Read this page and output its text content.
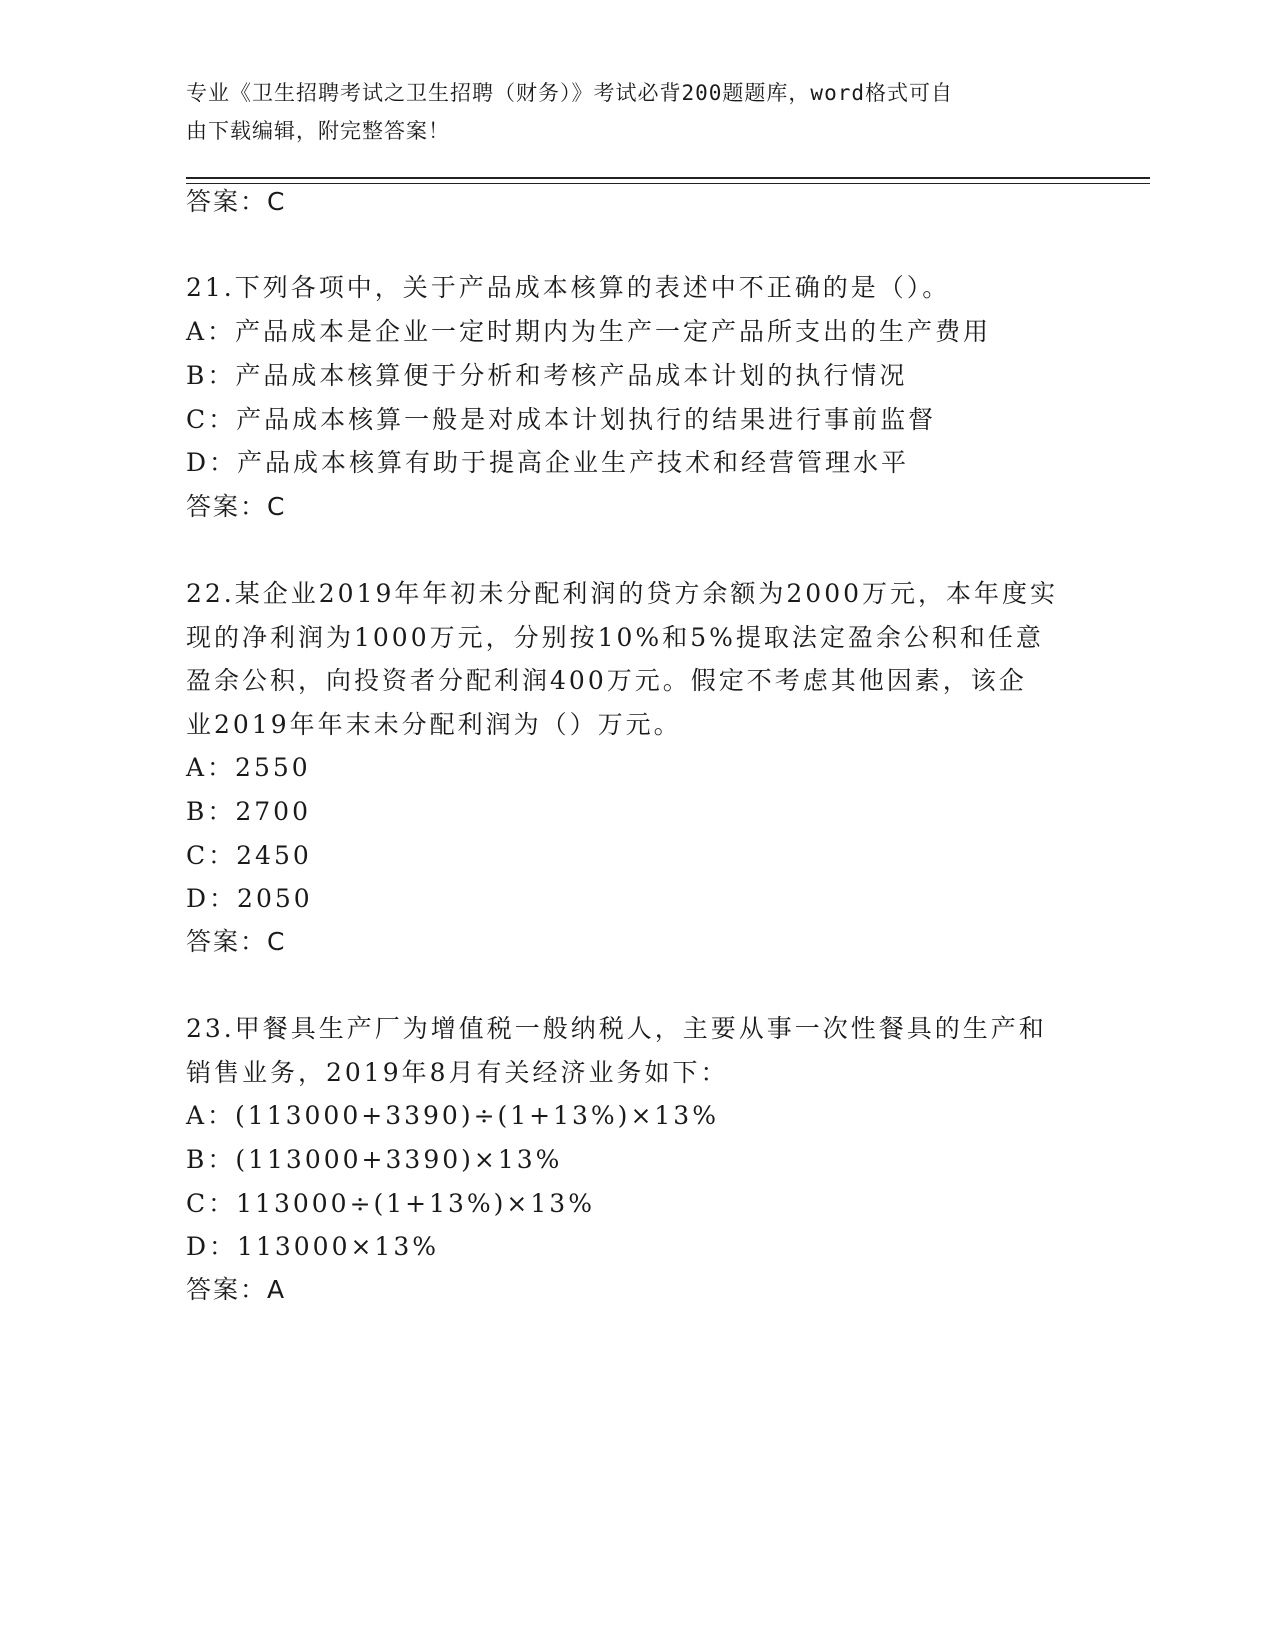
专业《卫生招聘考试之卫生招聘（财务）》考试必背200题题库，word格式可自
由下载编辑，附完整答案！
答案：C
21.下列各项中，关于产品成本核算的表述中不正确的是（）。
A：产品成本是企业一定时期内为生产一定产品所支出的生产费用
B：产品成本核算便于分析和考核产品成本计划的执行情况
C：产品成本核算一般是对成本计划执行的结果进行事前监督
D：产品成本核算有助于提高企业生产技术和经营管理水平
答案：C
22.某企业2019年年初未分配利润的贷方余额为2000万元，本年度实
现的净利润为1000万元，分别按10%和5%提取法定盈余公积和任意
盈余公积，向投资者分配利润400万元。假定不考虑其他因素，该企
业2019年年末未分配利润为（）万元。
A：2550
B：2700
C：2450
D：2050
答案：C
23.甲餐具生产厂为增值税一般纳税人，主要从事一次性餐具的生产和
销售业务，2019年8月有关经济业务如下：
A：(113000+3390)÷(1+13%)×13%
B：(113000+3390)×13%
C：113000÷(1+13%)×13%
D：113000×13%
答案：A
